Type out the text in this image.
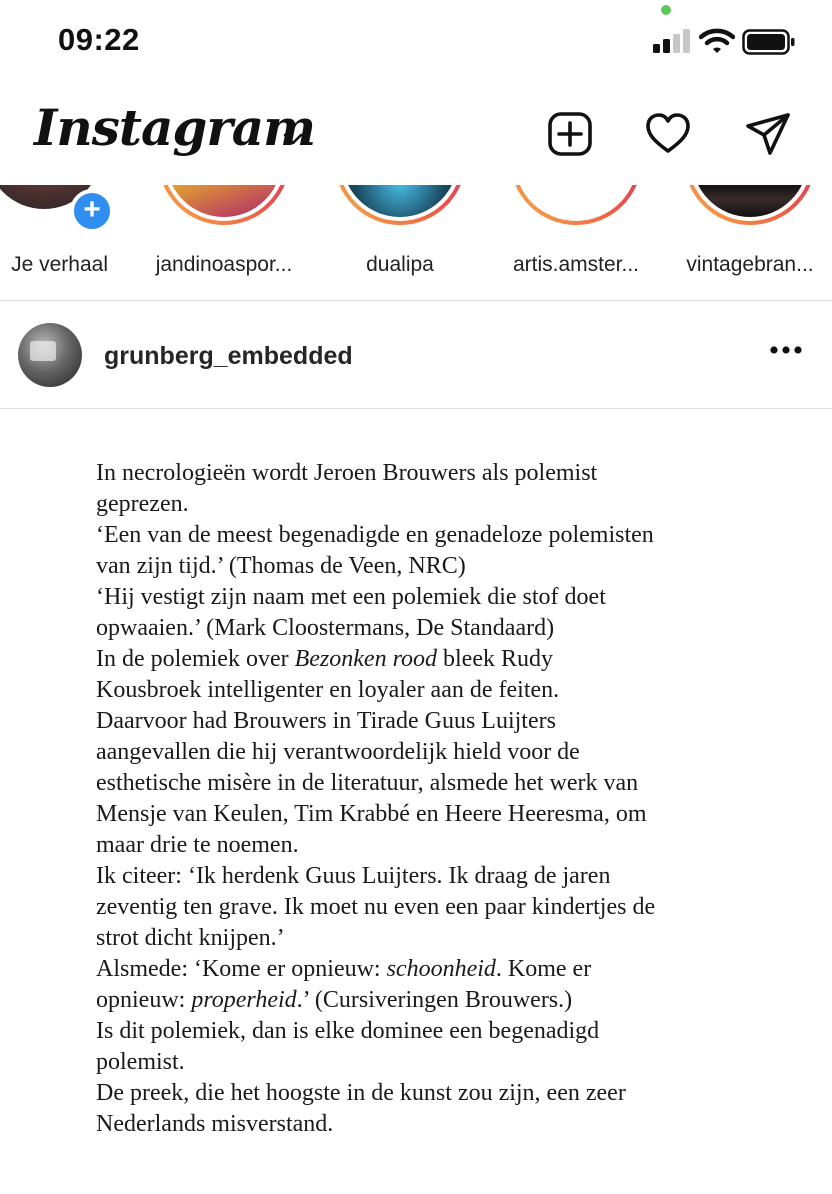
09:22
Instagram
+
Je verhaal	jandinoaspor...	dualipa	artis.amster...	vintagebran...
grunberg_embedded

In necrologieën wordt Jeroen Brouwers als polemist

geprezen.

‘Een van de meest begenadigde en genadeloze polemisten

van zijn tijd.’ (Thomas de Veen, NRC)

‘Hij vestigt zijn naam met een polemiek die stof doet

opwaaien.’ (Mark Cloostermans, De Standaard)

In de polemiek over Bezonken rood bleek Rudy

Kousbroek intelligenter en loyaler aan de feiten.

Daarvoor had Brouwers in Tirade Guus Luijters

aangevallen die hij verantwoordelijk hield voor de

esthetische misère in de literatuur, alsmede het werk van

Mensje van Keulen, Tim Krabbé en Heere Heeresma, om

maar drie te noemen.

Ik citeer: ‘Ik herdenk Guus Luijters. Ik draag de jaren

zeventig ten grave. Ik moet nu even een paar kindertjes de

strot dicht knijpen.’

Alsmede: ‘Kome er opnieuw: schoonheid. Kome er

opnieuw: properheid.’ (Cursiveringen Brouwers.)

Is dit polemiek, dan is elke dominee een begenadigd

polemist.

De preek, die het hoogste in de kunst zou zijn, een zeer

Nederlands misverstand.
